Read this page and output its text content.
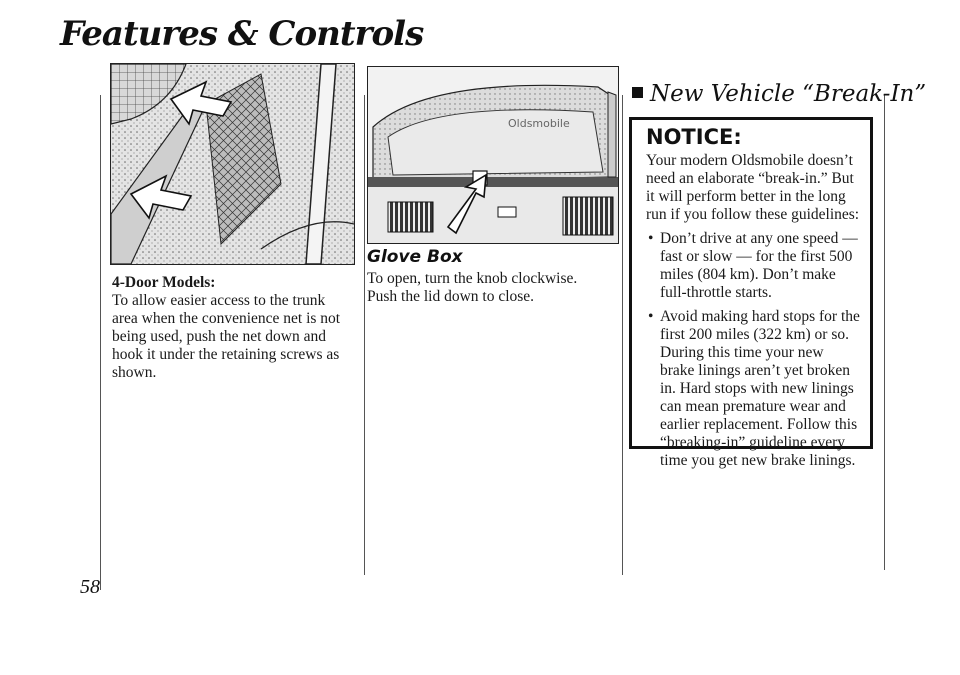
Features & Controls
Oldsmobile
4-Door Models:
To allow easier access to the trunk area when the convenience net is not being used, push the net down and hook it under the retaining screws as shown.
Glove Box
To open, turn the knob clockwise. Push the lid down to close.
New Vehicle “Break-In”
NOTICE:
Your modern Oldsmobile doesn’t need an elaborate “break-in.” But it will perform better in the long run if you follow these guidelines:
• Don’t drive at any one speed — fast or slow — for the first 500 miles (804 km). Don’t make full-throttle starts.
• Avoid making hard stops for the first 200 miles (322 km) or so. During this time your new brake linings aren’t yet broken in. Hard stops with new linings can mean premature wear and earlier replacement. Follow this “breaking-in” guideline every time you get new brake linings.
58
